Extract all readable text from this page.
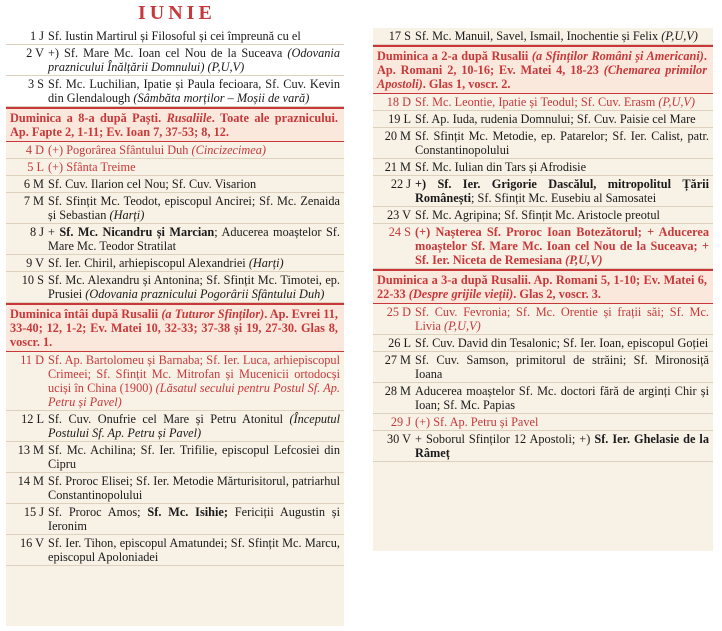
IUNIE
1 J Sf. Iustin Martirul și Filosoful și cei împreună cu el
2 V +) Sf. Mare Mc. Ioan cel Nou de la Suceava (Odovania praznicului Înălțării Domnului) (P,U,V)
3 S Sf. Mc. Luchilian, Ipatie și Paula fecioara, Sf. Cuv. Kevin din Glendalough (Sâmbăta morților – Moșii de vară)
Duminica a 8-a după Paști. Rusaliile. Toate ale praznicului. Ap. Fapte 2, 1-11; Ev. Ioan 7, 37-53; 8, 12.
4 D (+) Pogorârea Sfântului Duh (Cincizecimea)
5 L (+) Sfânta Treime
6 M Sf. Cuv. Ilarion cel Nou; Sf. Cuv. Visarion
7 M Sf. Sfințit Mc. Teodot, episcopul Ancirei; Sf. Mc. Zenaida și Sebastian (Harți)
8 J + Sf. Mc. Nicandru și Marcian; Aducerea moaștelor Sf. Mare Mc. Teodor Stratilat
9 V Sf. Ier. Chiril, arhiepiscopul Alexandriei (Harți)
10 S Sf. Mc. Alexandru și Antonina; Sf. Sfințit Mc. Timotei, ep. Prusiei (Odovania praznicului Pogorârii Sfântului Duh)
Duminica întâi după Rusalii (a Tuturor Sfinților). Ap. Evrei 11, 33-40; 12, 1-2; Ev. Matei 10, 32-33; 37-38 și 19, 27-30. Glas 8, voscr. 1.
11 D Sf. Ap. Bartolomeu și Barnaba; Sf. Ier. Luca, arhiepiscopul Crimeei; Sf. Sfințit Mc. Mitrofan și Mucenicii ortodocși uciși în China (1900) (Lăsatul secului pentru Postul Sf. Ap. Petru și Pavel)
12 L Sf. Cuv. Onufrie cel Mare și Petru Atonitul (Începutul Postului Sf. Ap. Petru și Pavel)
13 M Sf. Mc. Achilina; Sf. Ier. Trifilie, episcopul Lefcosiei din Cipru
14 M Sf. Proroc Elisei; Sf. Ier. Metodie Mărturisitorul, patriarhul Constantinopolului
15 J Sf. Proroc Amos; Sf. Mc. Isihie; Fericiții Augustin și Ieronim
16 V Sf. Ier. Tihon, episcopul Amatundei; Sf. Sfințit Mc. Marcu, episcopul Apoloniadei
17 S Sf. Mc. Manuil, Savel, Ismail, Inochentie și Felix (P,U,V)
Duminica a 2-a după Rusalii (a Sfinților Români și Americani). Ap. Romani 2, 10-16; Ev. Matei 4, 18-23 (Chemarea primilor Apostoli). Glas 1, voscr. 2.
18 D Sf. Mc. Leontie, Ipatie și Teodul; Sf. Cuv. Erasm (P,U,V)
19 L Sf. Ap. Iuda, rudenia Domnului; Sf. Cuv. Paisie cel Mare
20 M Sf. Sfințit Mc. Metodie, ep. Patarelor; Sf. Ier. Calist, patr. Constantinopolului
21 M Sf. Mc. Iulian din Tars și Afrodisie
22 J +) Sf. Ier. Grigorie Dascălul, mitropolitul Țării Românești; Sf. Sfințit Mc. Eusebiu al Samosatei
23 V Sf. Mc. Agripina; Sf. Sfințit Mc. Aristocle preotul
24 S (+) Nașterea Sf. Proroc Ioan Botezătorul; + Aducerea moaștelor Sf. Mare Mc. Ioan cel Nou de la Suceava; + Sf. Ier. Niceta de Remesiana (P,U,V)
Duminica a 3-a după Rusalii. Ap. Romani 5, 1-10; Ev. Matei 6, 22-33 (Despre grijile vieții). Glas 2, voscr. 3.
25 D Sf. Cuv. Fevronia; Sf. Mc. Orentie și frații săi; Sf. Mc. Livia (P,U,V)
26 L Sf. Cuv. David din Tesalonic; Sf. Ier. Ioan, episcopul Goției
27 M Sf. Cuv. Samson, primitorul de străini; Sf. Mironosiță Ioana
28 M Aducerea moaștelor Sf. Mc. doctori fără de arginți Chir și Ioan; Sf. Mc. Papias
29 J (+) Sf. Ap. Petru și Pavel
30 V + Soborul Sfinților 12 Apostoli; +) Sf. Ier. Ghelasie de la Râmeț
